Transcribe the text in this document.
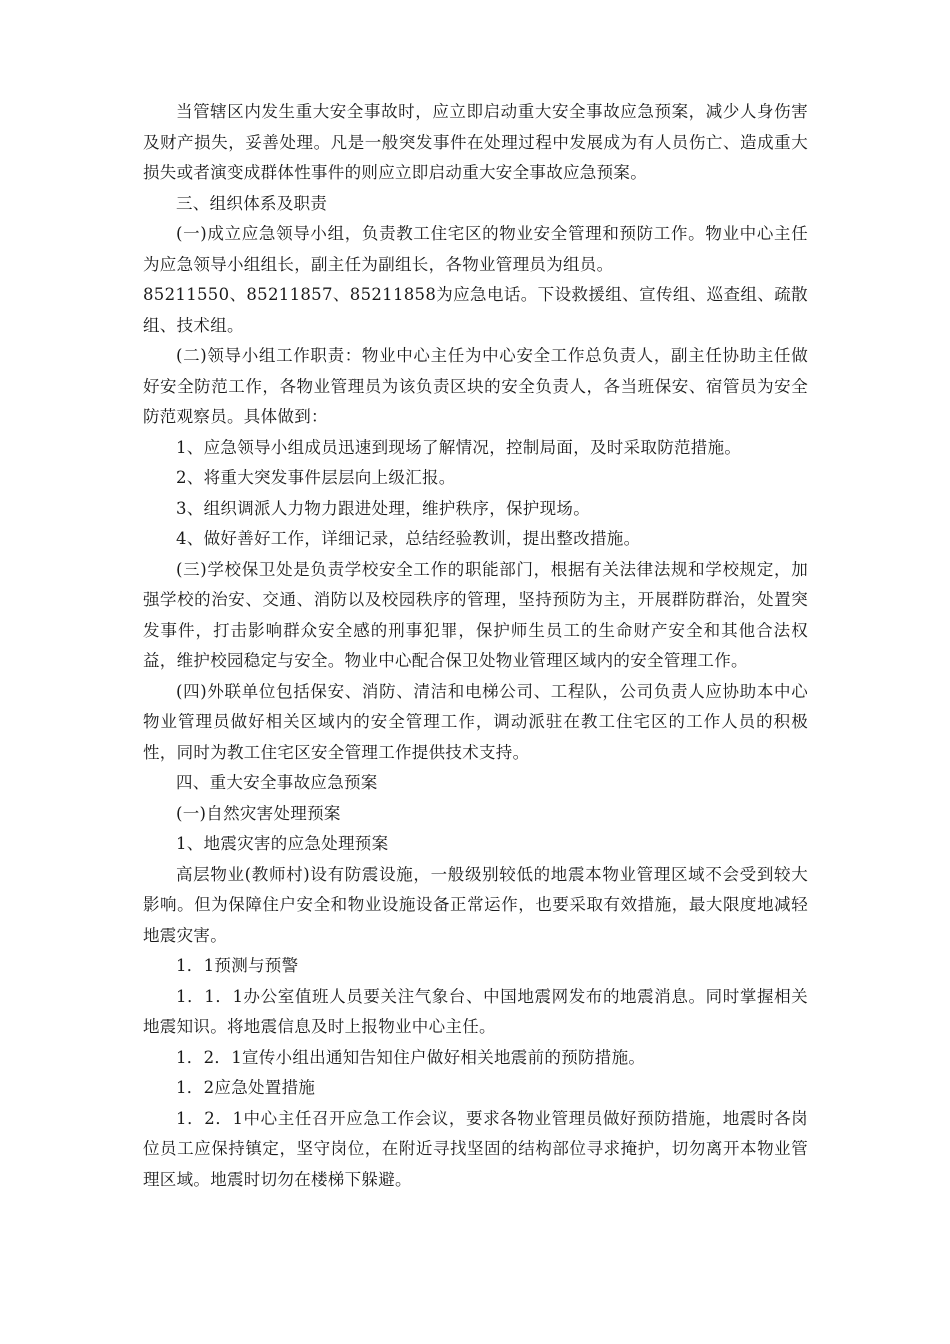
当管辖区内发生重大安全事故时，应立即启动重大安全事故应急预案，减少人身伤害及财产损失，妥善处理。凡是一般突发事件在处理过程中发展成为有人员伤亡、造成重大损失或者演变成群体性事件的则应立即启动重大安全事故应急预案。

三、组织体系及职责

(一)成立应急领导小组，负责教工住宅区的物业安全管理和预防工作。物业中心主任为应急领导小组组长，副主任为副组长，各物业管理员为组员。

85211550、85211857、85211858为应急电话。下设救援组、宣传组、巡查组、疏散组、技术组。

(二)领导小组工作职责：物业中心主任为中心安全工作总负责人，副主任协助主任做好安全防范工作，各物业管理员为该负责区块的安全负责人，各当班保安、宿管员为安全防范观察员。具体做到：

1、应急领导小组成员迅速到现场了解情况，控制局面，及时采取防范措施。

2、将重大突发事件层层向上级汇报。

3、组织调派人力物力跟进处理，维护秩序，保护现场。

4、做好善好工作，详细记录，总结经验教训，提出整改措施。

(三)学校保卫处是负责学校安全工作的职能部门，根据有关法律法规和学校规定，加强学校的治安、交通、消防以及校园秩序的管理，坚持预防为主，开展群防群治，处置突发事件，打击影响群众安全感的刑事犯罪，保护师生员工的生命财产安全和其他合法权益，维护校园稳定与安全。物业中心配合保卫处物业管理区域内的安全管理工作。

(四)外联单位包括保安、消防、清洁和电梯公司、工程队，公司负责人应协助本中心物业管理员做好相关区域内的安全管理工作，调动派驻在教工住宅区的工作人员的积极性，同时为教工住宅区安全管理工作提供技术支持。

四、重大安全事故应急预案

(一)自然灾害处理预案

1、地震灾害的应急处理预案

高层物业(教师村)设有防震设施，一般级别较低的地震本物业管理区域不会受到较大影响。但为保障住户安全和物业设施设备正常运作，也要采取有效措施，最大限度地减轻地震灾害。

1．1预测与预警

1．1．1办公室值班人员要关注气象台、中国地震网发布的地震消息。同时掌握相关地震知识。将地震信息及时上报物业中心主任。

1．2．1宣传小组出通知告知住户做好相关地震前的预防措施。

1．2应急处置措施

1．2．1中心主任召开应急工作会议，要求各物业管理员做好预防措施，地震时各岗位员工应保持镇定，坚守岗位，在附近寻找坚固的结构部位寻求掩护，切勿离开本物业管理区域。地震时切勿在楼梯下躲避。
